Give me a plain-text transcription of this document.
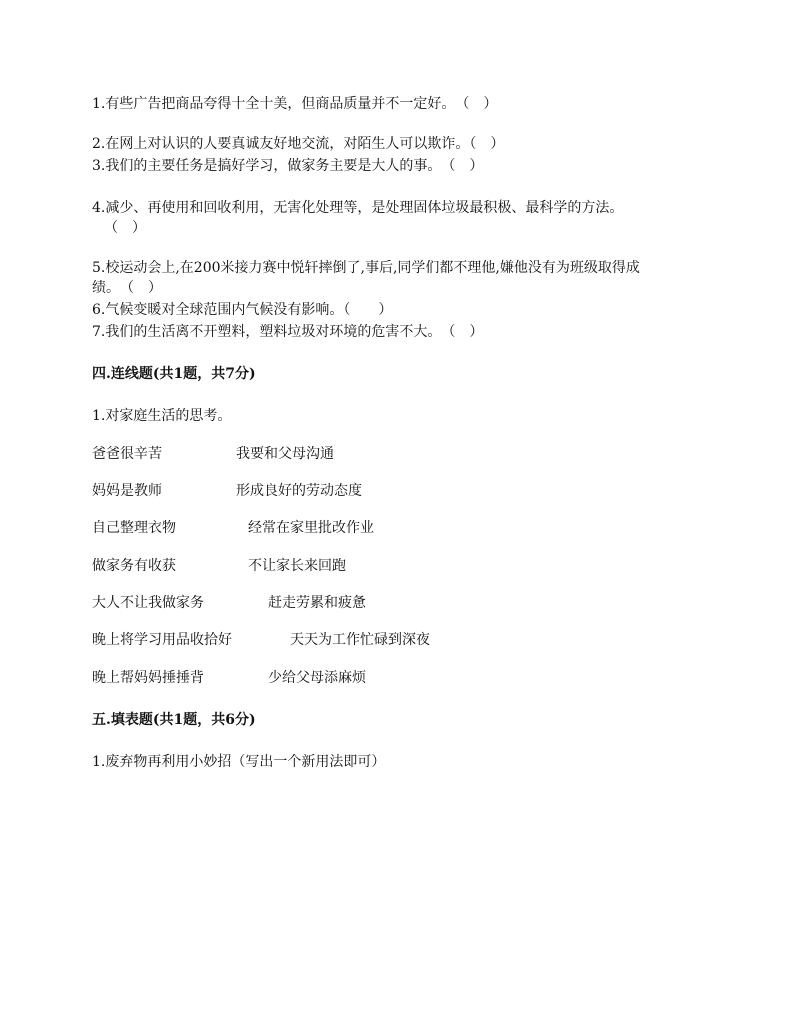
1.有些广告把商品夸得十全十美，但商品质量并不一定好。　（　）
2.在网上对认识的人要真诚友好地交流，对陌生人可以欺诈。（　）
3.我们的主要任务是搞好学习，做家务主要是大人的事。　（　）
4.减少、再使用和回收利用，无害化处理等，是处理固体垃圾最积极、最科学的方法。
（　）
5.校运动会上,在200米接力赛中悦轩摔倒了,事后,同学们都不理他,嫌他没有为班级取得成
绩。　（　）
6.气候变暖对全球范围内气候没有影响。（　　）
7.我们的生活离不开塑料，塑料垃圾对环境的危害不大。　（　）
四.连线题(共1题，共7分)
1.对家庭生活的思考。
爸爸很辛苦	我要和父母沟通
妈妈是教师	形成良好的劳动态度
自己整理衣物	经常在家里批改作业
做家务有收获	不让家长来回跑
大人不让我做家务	赶走劳累和疲惫
晚上将学习用品收拾好	天天为工作忙碌到深夜
晚上帮妈妈捶捶背	少给父母添麻烦
五.填表题(共1题，共6分)
1.废弃物再利用小妙招（写出一个新用法即可）
